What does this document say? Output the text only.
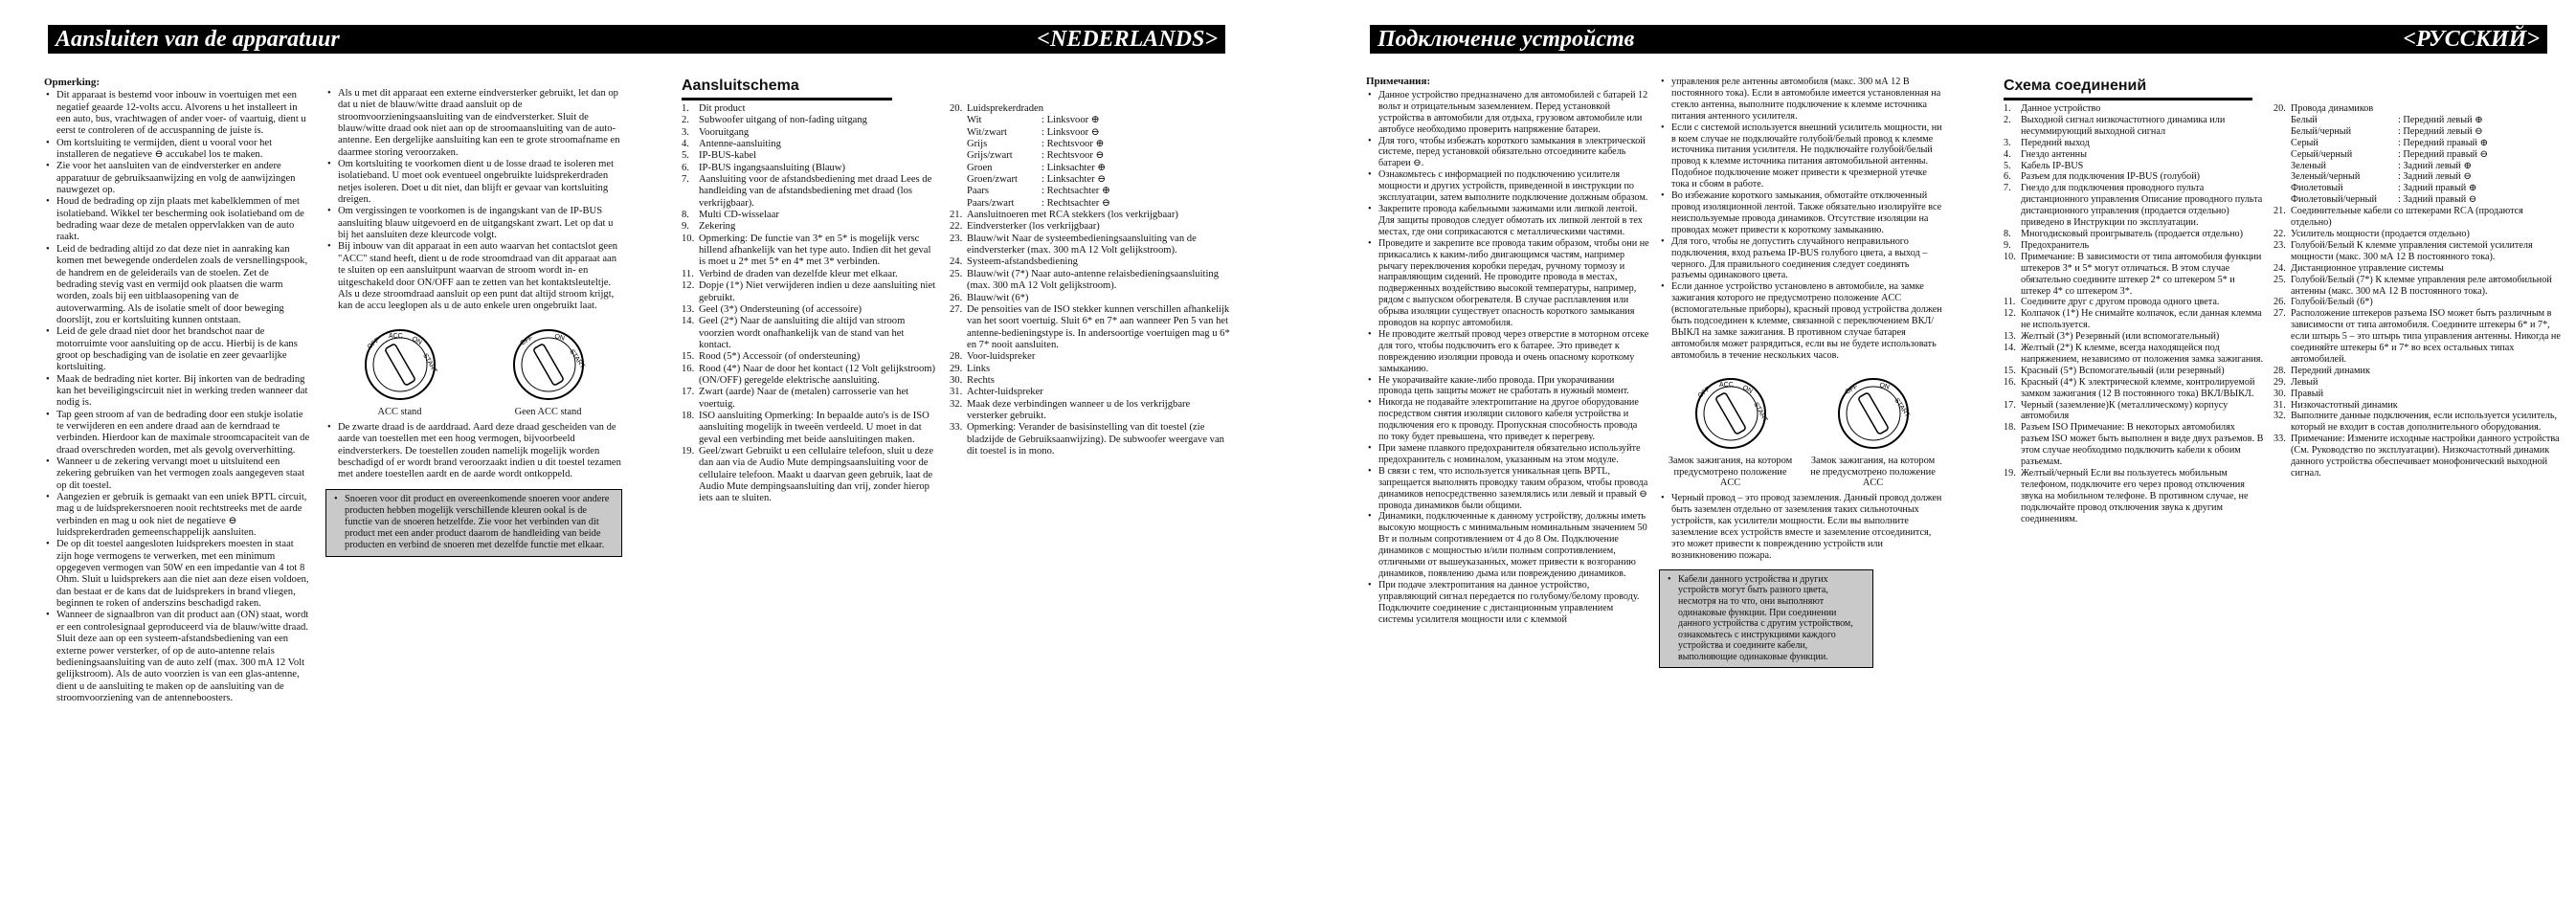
Aansluiten van de apparatuur	<NEDERLANDS>
Opmerking:
• Dit apparaat is bestemd voor inbouw in voertuigen met een negatief geaarde 12-volts accu. Alvorens u het installeert in een auto, bus, vrachtwagen of ander voer- of vaartuig, dient u eerst te controleren of de accuspanning de juiste is.
• Om kortsluiting te vermijden, dient u vooral voor het installeren de negatieve ⊖ accukabel los te maken.
• Zie voor het aansluiten van de eindversterker en andere apparatuur de gebruiksaanwijzing en volg de aanwijzingen nauwgezet op.
• Houd de bedrading op zijn plaats met kabelklemmen of met isolatieband. Wikkel ter bescherming ook isolatieband om de bedrading waar deze de metalen oppervlakken van de auto raakt.
• Leid de bedrading altijd zo dat deze niet in aanraking kan komen met bewegende onderdelen zoals de versnellingspook, de handrem en de geleiderails van de stoelen. Zet de bedrading stevig vast en vermijd ook plaatsen die warm worden, zoals bij een uitblaasopening van de autoverwarming. Als de isolatie smelt of door beweging doorslijt, zou er kortsluiting kunnen ontstaan.
• Leid de gele draad niet door het brandschot naar de motorruimte voor aansluiting op de accu. Hierbij is de kans groot op beschadiging van de isolatie en zeer gevaarlijke kortsluiting.
• Maak de bedrading niet korter. Bij inkorten van de bedrading kan het beveiligingscircuit niet in werking treden wanneer dat nodig is.
• Tap geen stroom af van de bedrading door een stukje isolatie te verwijderen en een andere draad aan de kerndraad te verbinden. Hierdoor kan de maximale stroomcapaciteit van de draad overschreden worden, met als gevolg oververhitting.
• Wanneer u de zekering vervangt moet u uitsluitend een zekering gebruiken van het vermogen zoals aangegeven staat op dit toestel.
• Aangezien er gebruik is gemaakt van een uniek BPTL circuit, mag u de luidsprekersnoeren nooit rechtstreeks met de aarde verbinden en mag u ook niet de negatieve ⊖ luidsprekerdraden gemeenschappelijk aansluiten.
• De op dit toestel aangesloten luidsprekers moesten in staat zijn hoge vermogens te verwerken, met een minimum opgegeven vermogen van 50W en een impedantie van 4 tot 8 Ohm. Sluit u luidsprekers aan die niet aan deze eisen voldoen, dan bestaat er de kans dat de luidsprekers in brand vliegen, beginnen te roken of anderszins beschadigd raken.
• Wanneer de signaalbron van dit product aan (ON) staat, wordt er een controlesignaal geproduceerd via de blauw/witte draad. Sluit deze aan op een systeem-afstandsbediening van een externe power versterker, of op de auto-antenne relais bedieningsaansluiting van de auto zelf (max. 300 mA 12 Volt gelijkstroom). Als de auto voorzien is van een glas-antenne, dient u de aansluiting te maken op de aansluiting van de stroomvoorziening van de antenneboosters.
• Als u met dit apparaat een externe eindversterker gebruikt, let dan op dat u niet de blauw/witte draad aansluit op de stroomvoorzieningsaansluiting van de eindversterker. Sluit de blauw/witte draad ook niet aan op de stroomaansluiting van de auto-antenne. Een dergelijke aansluiting kan een te grote stroomafname en daarmee storing veroorzaken.
• Om kortsluiting te voorkomen dient u de losse draad te isoleren met isolatieband. U moet ook eventueel ongebruikte luidsprekerdraden netjes isoleren. Doet u dit niet, dan blijft er gevaar van kortsluiting dreigen.
• Om vergissingen te voorkomen is de ingangskant van de IP-BUS aansluiting blauw uitgevoerd en de uitgangskant zwart. Let op dat u bij het aansluiten deze kleurcode volgt.
• Bij inbouw van dit apparaat in een auto waarvan het contactslot geen "ACC" stand heeft, dient u de rode stroomdraad van dit apparaat aan te sluiten op een aansluitpunt waarvan de stroom wordt in- en uitgeschakeld door ON/OFF aan te zetten van het kontaktsleuteltje. Als u deze stroomdraad aansluit op een punt dat altijd stroom krijgt, kan de accu leeglopen als u de auto enkele uren ongebruikt laat.
OFF
ACC ON
START
ACC stand
OFF	ON
START
Geen ACC stand
• De zwarte draad is de aarddraad. Aard deze draad gescheiden van de aarde van toestellen met een hoog vermogen, bijvoorbeeld eindversterkers. De toestellen zouden namelijk mogelijk worden beschadigd of er wordt brand veroorzaakt indien u dit toestel tezamen met andere toestellen aardt en de aarde wordt ontkoppeld.
• Snoeren voor dit product en overeenkomende snoeren voor andere producten hebben mogelijk verschillende kleuren ookal is de functie van de snoeren hetzelfde. Zie voor het verbinden van dit product met een ander product daarom de handleiding van beide producten en verbind de snoeren met dezelfde functie met elkaar.
Aansluitschema
1. Dit product
2. Subwoofer uitgang of non-fading uitgang
3. Vooruitgang
4. Antenne-aansluiting
5. IP-BUS-kabel
6. IP-BUS ingangsaansluiting (Blauw)
7. Aansluiting voor de afstandsbediening met draad Lees de handleiding van de afstandsbediening met draad (los verkrijgbaar).
8. Multi CD-wisselaar
9. Zekering
10. Opmerking: De functie van 3* en 5* is mogelijk versc hillend afhankelijk van het type auto. Indien dit het geval is moet u 2* met 5* en 4* met 3* verbinden.
11. Verbind de draden van dezelfde kleur met elkaar.
12. Dopje (1*) Niet verwijderen indien u deze aansluiting niet gebruikt.
13. Geel (3*) Ondersteuning (of accessoire)
14. Geel (2*) Naar de aansluiting die altijd van stroom voorzien wordt onafhankelijk van de stand van het kontact.
15. Rood (5*) Accessoir (of ondersteuning)
16. Rood (4*) Naar de door het kontact (12 Volt gelijkstroom) (ON/OFF) geregelde elektrische aansluiting.
17. Zwart (aarde) Naar de (metalen) carrosserie van het voertuig.
18. ISO aansluiting Opmerking: In bepaalde auto's is de ISO aansluiting mogelijk in tweeën verdeeld. U moet in dat geval een verbinding met beide aansluitingen maken.
19. Geel/zwart Gebruikt u een cellulaire telefoon, sluit u deze dan aan via de Audio Mute dempingsaansluiting voor de cellulaire telefoon. Maakt u daarvan geen gebruik, laat de Audio Mute dempingsaansluiting dan vrij, zonder hierop iets aan te sluiten.
20. Luidsprekerdraden
Wit	: Linksvoor ⊕
Wit/zwart	: Linksvoor ⊖
Grijs	: Rechtsvoor ⊕
Grijs/zwart	: Rechtsvoor ⊖
Groen	: Linksachter ⊕
Groen/zwart	: Linksachter ⊖
Paars	: Rechtsachter ⊕
Paars/zwart	: Rechtsachter ⊖
21. Aansluitnoeren met RCA stekkers (los verkrijgbaar)
22. Eindversterker (los verkrijgbaar)
23. Blauw/wit Naar de systeembedieningsaansluiting van de eindversterker (max. 300 mA 12 Volt gelijkstroom).
24. Systeem-afstandsbediening
25. Blauw/wit (7*) Naar auto-antenne relaisbedieningsaansluiting (max. 300 mA 12 Volt gelijkstroom).
26. Blauw/wit (6*)
27. De pensoities van de ISO stekker kunnen verschillen afhankelijk van het soort voertuig. Sluit 6* en 7* aan wanneer Pen 5 van het antenne-bedieningstype is. In andersoortige voertuigen mag u 6* en 7* nooit aansluiten.
28. Voor-luidspreker
29. Links
30. Rechts
31. Achter-luidspreker
32. Maak deze verbindingen wanneer u de los verkrijgbare versterker gebruikt.
33. Opmerking: Verander de basisinstelling van dit toestel (zie bladzijde de Gebruiksaanwijzing). De subwoofer weergave van dit toestel is in mono.
Подключение устройств	<РУССКИЙ>
Примечания:
• Данное устройство предназначено для автомобилей с батарей 12 вольт и отрицательным заземлением. Перед установкой устройства в автомобили для отдыха, грузовом автомобиле или автобусе необходимо проверить напряжение батареи.
• Для того, чтобы избежать короткого замыкания в электрической системе, перед установкой обязательно отсоедините кабель батареи ⊖.
• Ознакомьтесь с информацией по подключению усилителя мощности и других устройств, приведенной в инструкции по эксплуатации, затем выполните подключение должным образом.
• Закрепите провода кабельными зажимами или липкой лентой. Для защиты проводов следует обмотать их липкой лентой в тех местах, где они соприкасаются с металлическими частями.
• Проведите и закрепите все провода таким образом, чтобы они не прикасались к каким-либо двигающимся частям, например рычагу переключения коробки передач, ручному тормозу и направляющим сидений. Не проводите провода в местах, подверженных воздействию высокой температуры, например, рядом с выпуском обогревателя. В случае расплавления или обрыва изоляции существует опасность короткого замыкания проводов на корпус автомобиля.
• Не проводите желтый провод через отверстие в моторном отсеке для того, чтобы подключить его к батарее. Это приведет к повреждению изоляции провода и очень опасному короткому замыканию.
• Не укорачивайте какие-либо провода. При укорачивании провода цепь защиты может не сработать в нужный момент.
• Никогда не подавайте электропитание на другое оборудование посредством снятия изоляции силового кабеля устройства и подключения его к проводу. Пропускная способность провода по току будет превышена, что приведет к перегреву.
• При замене плавкого предохранителя обязательно используйте предохранитель с номиналом, указанным на этом модуле.
• В связи с тем, что используется уникальная цепь BPTL, запрещается выполнять проводку таким образом, чтобы провода динамиков непосредственно заземлялись или левый и правый ⊖ провода динамиков были общими.
• Динамики, подключенные к данному устройству, должны иметь высокую мощность с минимальным номинальным значением 50 Вт и полным сопротивлением от 4 до 8 Ом. Подключение динамиков с мощностью и/или полным сопротивлением, отличными от вышеуказанных, может привести к возгоранию динамиков, появлению дыма или повреждению динамиков.
• При подаче электропитания на данное устройство, управляющий сигнал передается по голубому/белому проводу. Подключите соединение с дистанционным управлением системы усилителя мощности или с клеммой
• управления реле антенны автомобиля (макс. 300 мА 12 В постоянного тока). Если в автомобиле имеется установленная на стекло антенна, выполните подключение к клемме источника питания антенного усилителя.
• Если с системой используется внешний усилитель мощности, ни в коем случае не подключайте голубой/белый провод к клемме источника питания усилителя. Не подключайте голубой/белый провод к клемме источника питания автомобильной антенны. Подобное подключение может привести к чрезмерной утечке тока и сбоям в работе.
• Во избежание короткого замыкания, обмотайте отключенный провод изоляционной лентой. Также обязательно изолируйте все неиспользуемые провода динамиков. Отсутствие изоляции на проводах может привести к короткому замыканию.
• Для того, чтобы не допустить случайного неправильного подключения, вход разъема IP-BUS голубого цвета, а выход – черного. Для правильного соединения следует соединять разъемы одинакового цвета.
• Если данное устройство установлено в автомобиле, на замке зажигания которого не предусмотрено положение ACC (вспомогательные приборы), красный провод устройства должен быть подсоединен к клемме, связанной с переключением ВКЛ/ВЫКЛ на замке зажигания. В противном случае батарея автомобиля может разрядиться, если вы не будете использовать автомобиль в течение нескольких часов.
OFF
ACC ON
START
Замок зажигания, на котором предусмотрено положение ACC
OFF	ON
START
Замок зажигания, на котором не предусмотрено положение ACC
• Черный провод – это провод заземления. Данный провод должен быть заземлен отдельно от заземления таких сильноточных устройств, как усилители мощности. Если вы выполните заземление всех устройств вместе и заземление отсоединится, это может привести к повреждению устройств или возникновению пожара.
• Кабели данного устройства и других устройств могут быть разного цвета, несмотря на то что, они выполняют одинаковые функции. При соединении данного устройства с другим устройством, ознакомьтесь с инструкциями каждого устройства и соедините кабели, выполняющие одинаковые функции.
Схема соединений
1.	Данное устройство
2.	Выходной сигнал низкочастотного динамика или несуммирующий выходной сигнал
3.	Передний выход
4.	Гнездо антенны
5.	Кабель IP-BUS
6.	Разъем для подключения IP-BUS (голубой)
7.	Гнездо для подключения проводного пульта дистанционного управления Описание проводного пульта дистанционного управления (продается отдельно) приведено в Инструкции по эксплуатации.
8.	Многодисковый проигрыватель (продается отдельно)
9.	Предохранитель
10. Примечание: В зависимости от типа автомобиля функции штекеров 3* и 5* могут отличаться. В этом случае обязательно соедините штекер 2* со штекером 5* и штекер 4* со штекером 3*.
11. Соедините друг с другом провода одного цвета.
12. Колпачок (1*) Не снимайте колпачок, если данная клемма не используется.
13. Желтый (3*) Резервный (или вспомогательный)
14. Желтый (2*) К клемме, всегда находящейся под напряжением, независимо от положения замка зажигания.
15. Красный (5*) Вспомогательный (или резервный)
16. Красный (4*) К электрической клемме, контролируемой замком зажигания (12 В постоянного тока) ВКЛ/ВЫКЛ.
17. Черный (заземление)К (металлическому) корпусу автомобиля
18. Разъем ISO Примечание: В некоторых автомобилях разъем ISO может быть выполнен в виде двух разъемов. В этом случае необходимо подключить кабели к обоим разъемам.
19. Желтый/черный Если вы пользуетесь мобильным телефоном, подключите его через провод отключения звука на мобильном телефоне. В противном случае, не подключайте провод отключения звука к другим соединениям.
20. Провода динамиков
Белый	: Передний левый ⊕
Белый/черный	: Передний левый ⊖
Серый	: Передний правый ⊕
Серый/черный	: Передний правый ⊖
Зеленый	: Задний левый ⊕
Зеленый/черный	: Задний левый ⊖
Фиолетовый	: Задний правый ⊕
Фиолетовый/черный	: Задний правый ⊖
21. Соединительные кабели со штекерами RCA (продаются отдельно)
22. Усилитель мощности (продается отдельно)
23. Голубой/Белый К клемме управления системой усилителя мощности (макс. 300 мА 12 В постоянного тока).
24. Дистанционное управление системы
25. Голубой/Белый (7*) К клемме управления реле автомобильной антенны (макс. 300 мА 12 В постоянного тока).
26. Голубой/Белый (6*)
27. Расположение штекеров разъема ISO может быть различным в зависимости от типа автомобиля. Соедините штекеры 6* и 7*, если штырь 5 – это штырь типа управления антенны. Никогда не соединяйте штекеры 6* и 7* во всех остальных типах автомобилей.
28. Передний динамик
29. Левый
30. Правый
31. Низкочастотный динамик
32. Выполните данные подключения, если используется усилитель, который не входит в состав дополнительного оборудования.
33. Примечание: Измените исходные настройки данного устройства (См. Руководство по эксплуатации). Низкочастотный динамик данного устройства обеспечивает монофонический выходной сигнал.
